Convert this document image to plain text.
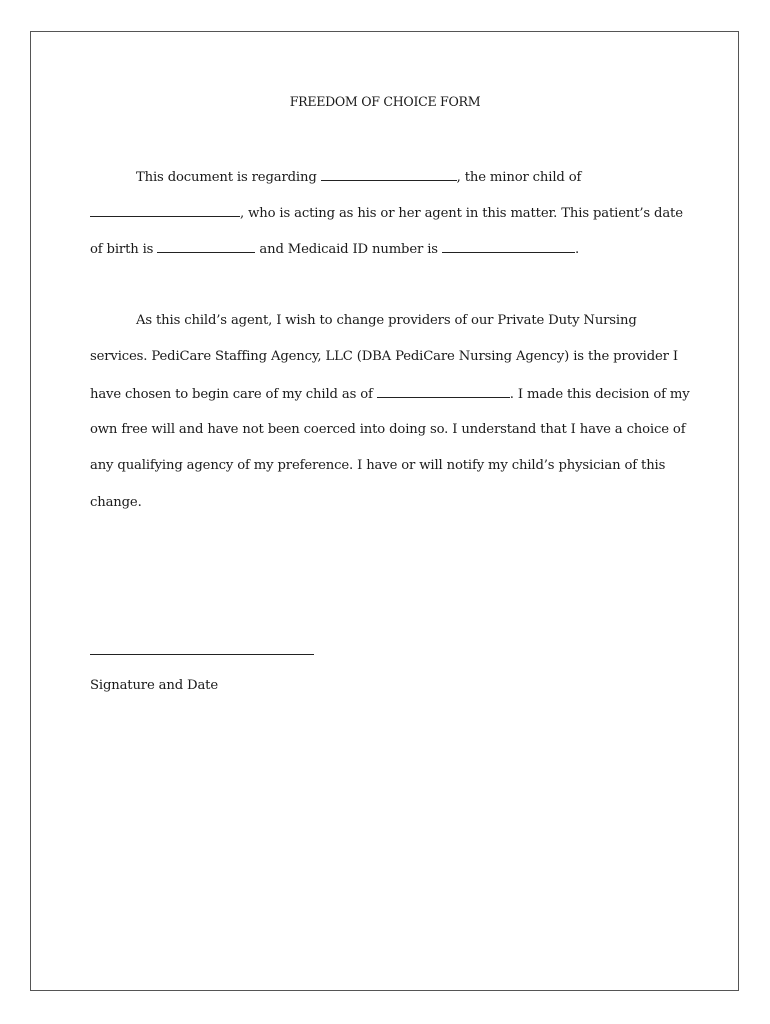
FREEDOM OF CHOICE FORM
This document is regarding	, the minor child of
, who is acting as his or her agent in this matter. This patient’s date
of birth is	and Medicaid ID number is	.
As this child’s agent, I wish to change providers of our Private Duty Nursing
services. PediCare Staffing Agency, LLC (DBA PediCare Nursing Agency) is the provider I
have chosen to begin care of my child as of	. I made this decision of my
own free will and have not been coerced into doing so. I understand that I have a choice of
any qualifying agency of my preference. I have or will notify my child’s physician of this
change.
Signature and Date
